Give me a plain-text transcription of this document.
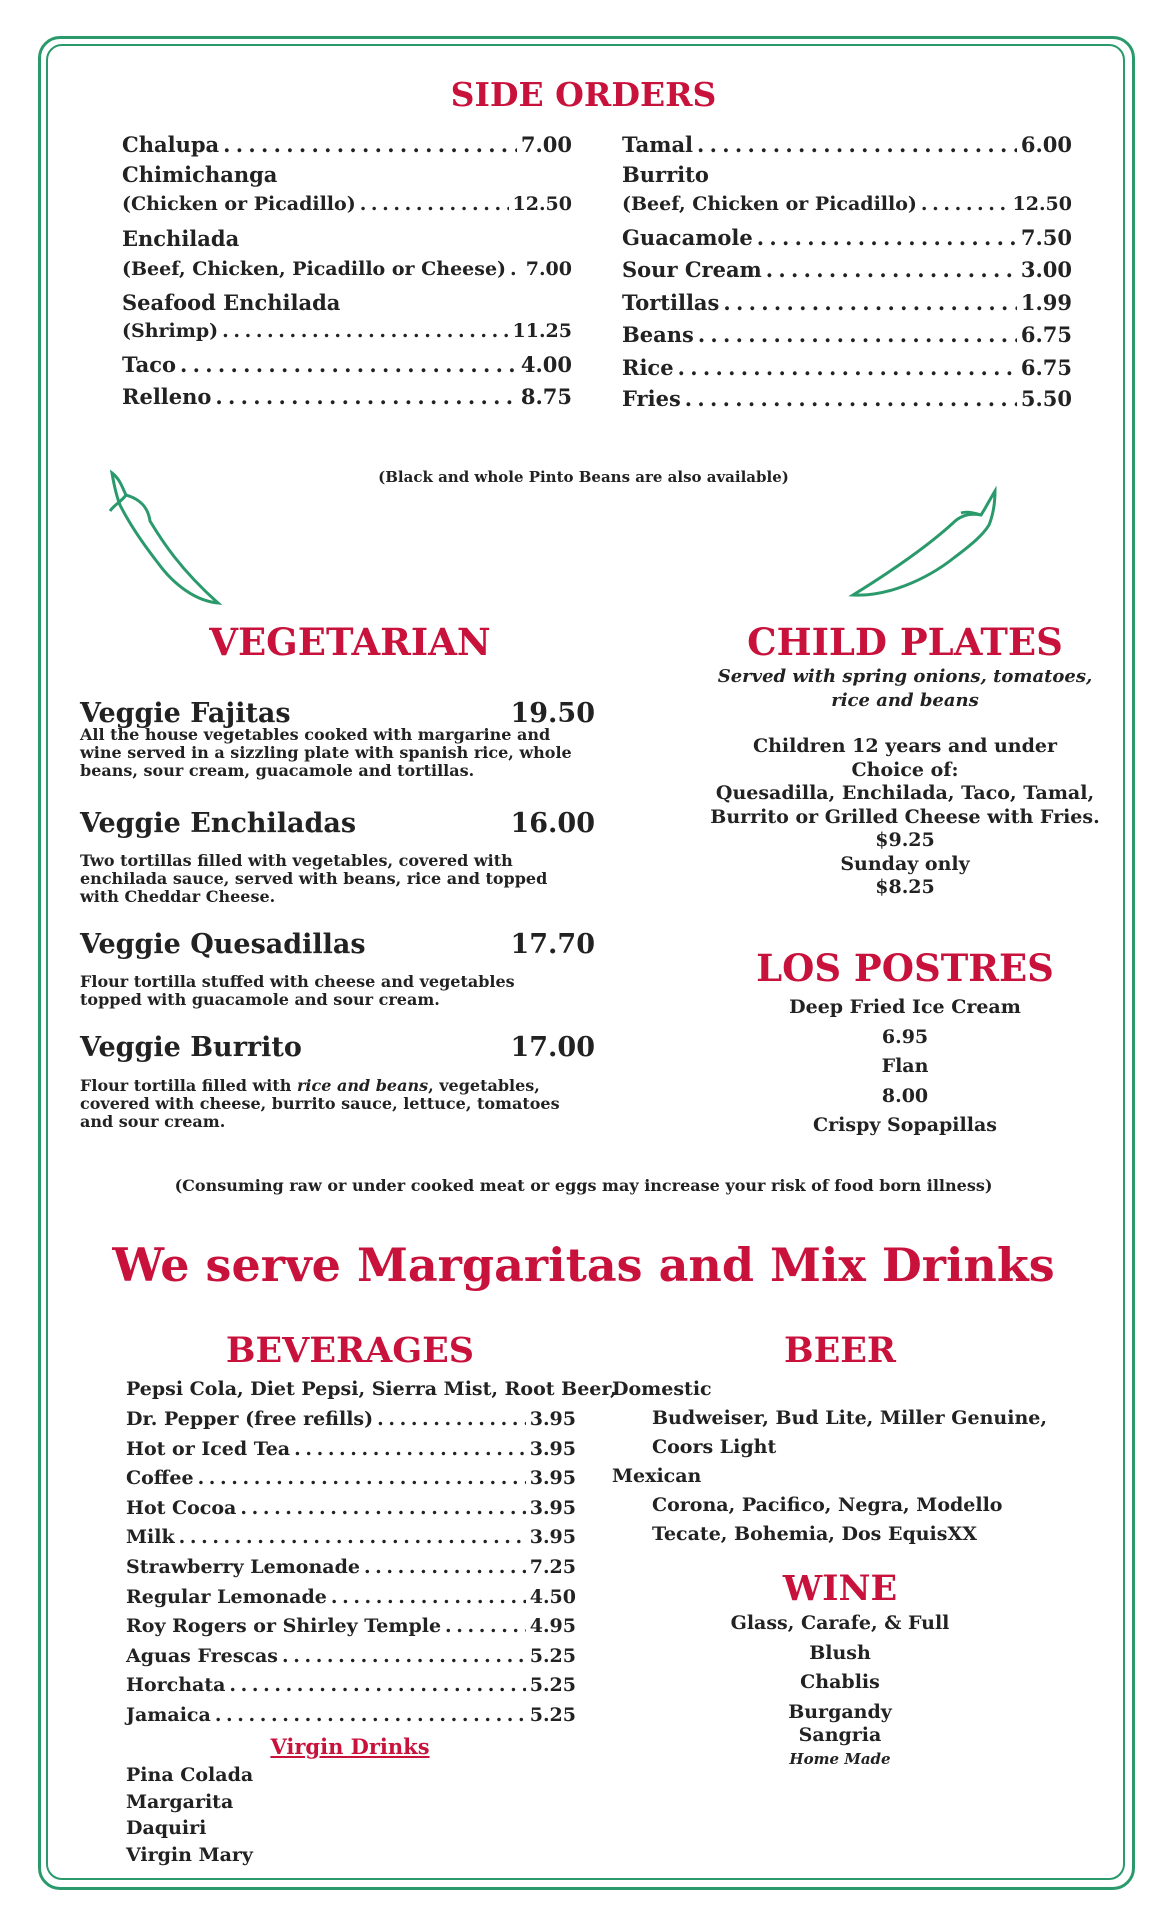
SIDE ORDERS
Chalupa . . .	7.00
Chimichanga
(Chicken or Picadillo) . . .	12.50
Enchilada
(Beef, Chicken, Picadillo or Cheese) . . . 7.00
Seafood Enchilada
(Shrimp) . . .	11.25
Taco . . .	4.00
Relleno . . .	8.75
Tamal . . .	6.00
Burrito
(Beef, Chicken or Picadillo) . . .	12.50
Guacamole . . .	7.50
Sour Cream . . .	3.00
Tortillas . . .	1.99
Beans . . .	6.75
Rice . . .	6.75
Fries . . .	5.50
(Black and whole Pinto Beans are also available)
VEGETARIAN
Veggie Fajitas	19.50
All the house vegetables cooked with margarine and wine served in a sizzling plate with spanish rice, whole beans, sour cream, guacamole and tortillas.
Veggie Enchiladas	16.00
Two tortillas filled with vegetables, covered with enchilada sauce, served with beans, rice and topped with Cheddar Cheese.
Veggie Quesadillas	17.70
Flour tortilla stuffed with cheese and vegetables topped with guacamole and sour cream.
Veggie Burrito	17.00
Flour tortilla filled with rice and beans, vegetables, covered with cheese, burrito sauce, lettuce, tomatoes and sour cream.
CHILD PLATES
Served with spring onions, tomatoes,
rice and beans
Children 12 years and under
Choice of:
Quesadilla, Enchilada, Taco, Tamal,
Burrito or Grilled Cheese with Fries.
$9.25
Sunday only
$8.25
LOS POSTRES
Deep Fried Ice Cream
6.95
Flan
8.00
Crispy Sopapillas
(Consuming raw or under cooked meat or eggs may increase your risk of food born illness)
We serve Margaritas and Mix Drinks
BEVERAGES
Pepsi Cola, Diet Pepsi, Sierra Mist, Root Beer,
Dr. Pepper (free refills) . . .	3.95
Hot or Iced Tea . . .	3.95
Coffee . . .	3.95
Hot Cocoa . . .	3.95
Milk . . .	3.95
Strawberry Lemonade . . .	7.25
Regular Lemonade . . .	4.50
Roy Rogers or Shirley Temple . . .	4.95
Aguas Frescas . . .	5.25
Horchata . . .	5.25
Jamaica . . .	5.25
Virgin Drinks
Pina Colada
Margarita
Daquiri
Virgin Mary
BEER
Domestic
Budweiser, Bud Lite, Miller Genuine,
Coors Light
Mexican
Corona, Pacifico, Negra, Modello
Tecate, Bohemia, Dos EquisXX
WINE
Glass, Carafe, & Full
Blush
Chablis
Burgandy
Sangria
Home Made
